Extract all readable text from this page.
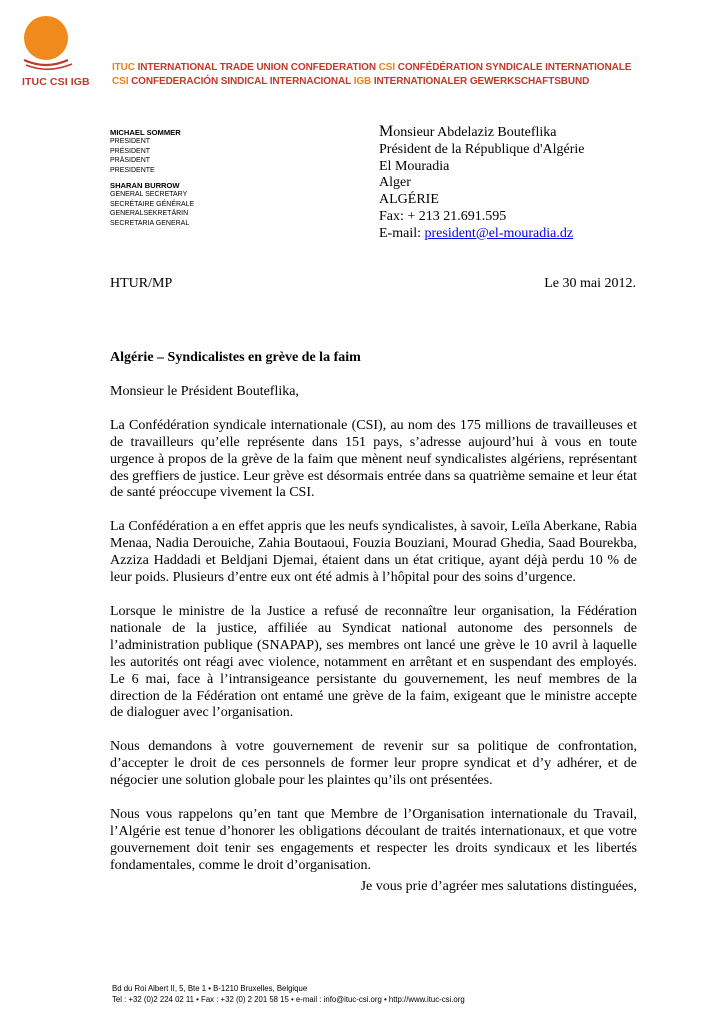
ITUC CSI IGB
ITUC INTERNATIONAL TRADE UNION CONFEDERATION CSI CONFÉDÉRATION SYNDICALE INTERNATIONALE
CSI CONFEDERACIÓN SINDICAL INTERNACIONAL IGB INTERNATIONALER GEWERKSCHAFTSBUND
MICHAEL SOMMER
PRESIDENT
PRÉSIDENT
PRÄSIDENT
PRESIDENTE
SHARAN BURROW
GENERAL SECRETARY
SECRÉTAIRE GÉNÉRALE
GENERALSEKRETÄRIN
SECRETARIA GENERAL
Monsieur Abdelaziz Bouteflika
Président de la République d'Algérie
El Mouradia
Alger
ALGÉRIE
Fax: + 213 21.691.595
E-mail: president@el-mouradia.dz
HTUR/MP	Le 30 mai 2012.
Algérie – Syndicalistes en grève de la faim
Monsieur le Président Bouteflika,

La Confédération syndicale internationale (CSI), au nom des 175 millions de travailleuses et de travailleurs qu’elle représente dans 151 pays, s’adresse aujourd’hui à vous en toute urgence à propos de la grève de la faim que mènent neuf syndicalistes algériens, représentant des greffiers de justice. Leur grève est désormais entrée dans sa quatrième semaine et leur état de santé préoccupe vivement la CSI.

La Confédération a en effet appris que les neufs syndicalistes, à savoir, Leïla Aberkane, Rabia Menaa, Nadia Derouiche, Zahia Boutaoui, Fouzia Bouziani, Mourad Ghedia, Saad Bourekba, Azziza Haddadi et Beldjani Djemai, étaient dans un état critique, ayant déjà perdu 10 % de leur poids. Plusieurs d’entre eux ont été admis à l’hôpital pour des soins d’urgence.

Lorsque le ministre de la Justice a refusé de reconnaître leur organisation, la Fédération nationale de la justice, affiliée au Syndicat national autonome des personnels de l’administration publique (SNAPAP), ses membres ont lancé une grève le 10 avril à laquelle les autorités ont réagi avec violence, notamment en arrêtant et en suspendant des employés. Le 6 mai, face à l’intransigeance persistante du gouvernement, les neuf membres de la direction de la Fédération ont entamé une grève de la faim, exigeant que le ministre accepte de dialoguer avec l’organisation.

Nous demandons à votre gouvernement de revenir sur sa politique de confrontation, d’accepter le droit de ces personnels de former leur propre syndicat et d’y adhérer, et de négocier une solution globale pour les plaintes qu’ils ont présentées.

Nous vous rappelons qu’en tant que Membre de l’Organisation internationale du Travail, l’Algérie est tenue d’honorer les obligations découlant de traités internationaux, et que votre gouvernement doit tenir ses engagements et respecter les droits syndicaux et les libertés fondamentales, comme le droit d’organisation.

Je vous prie d’agréer mes salutations distinguées,
Bd du Roi Albert II, 5, Bte 1 • B-1210 Bruxelles, Belgique
Tel : +32 (0)2 224 02 11 • Fax : +32 (0) 2 201 58 15 • e-mail : info@ituc-csi.org • http://www.ituc-csi.org
